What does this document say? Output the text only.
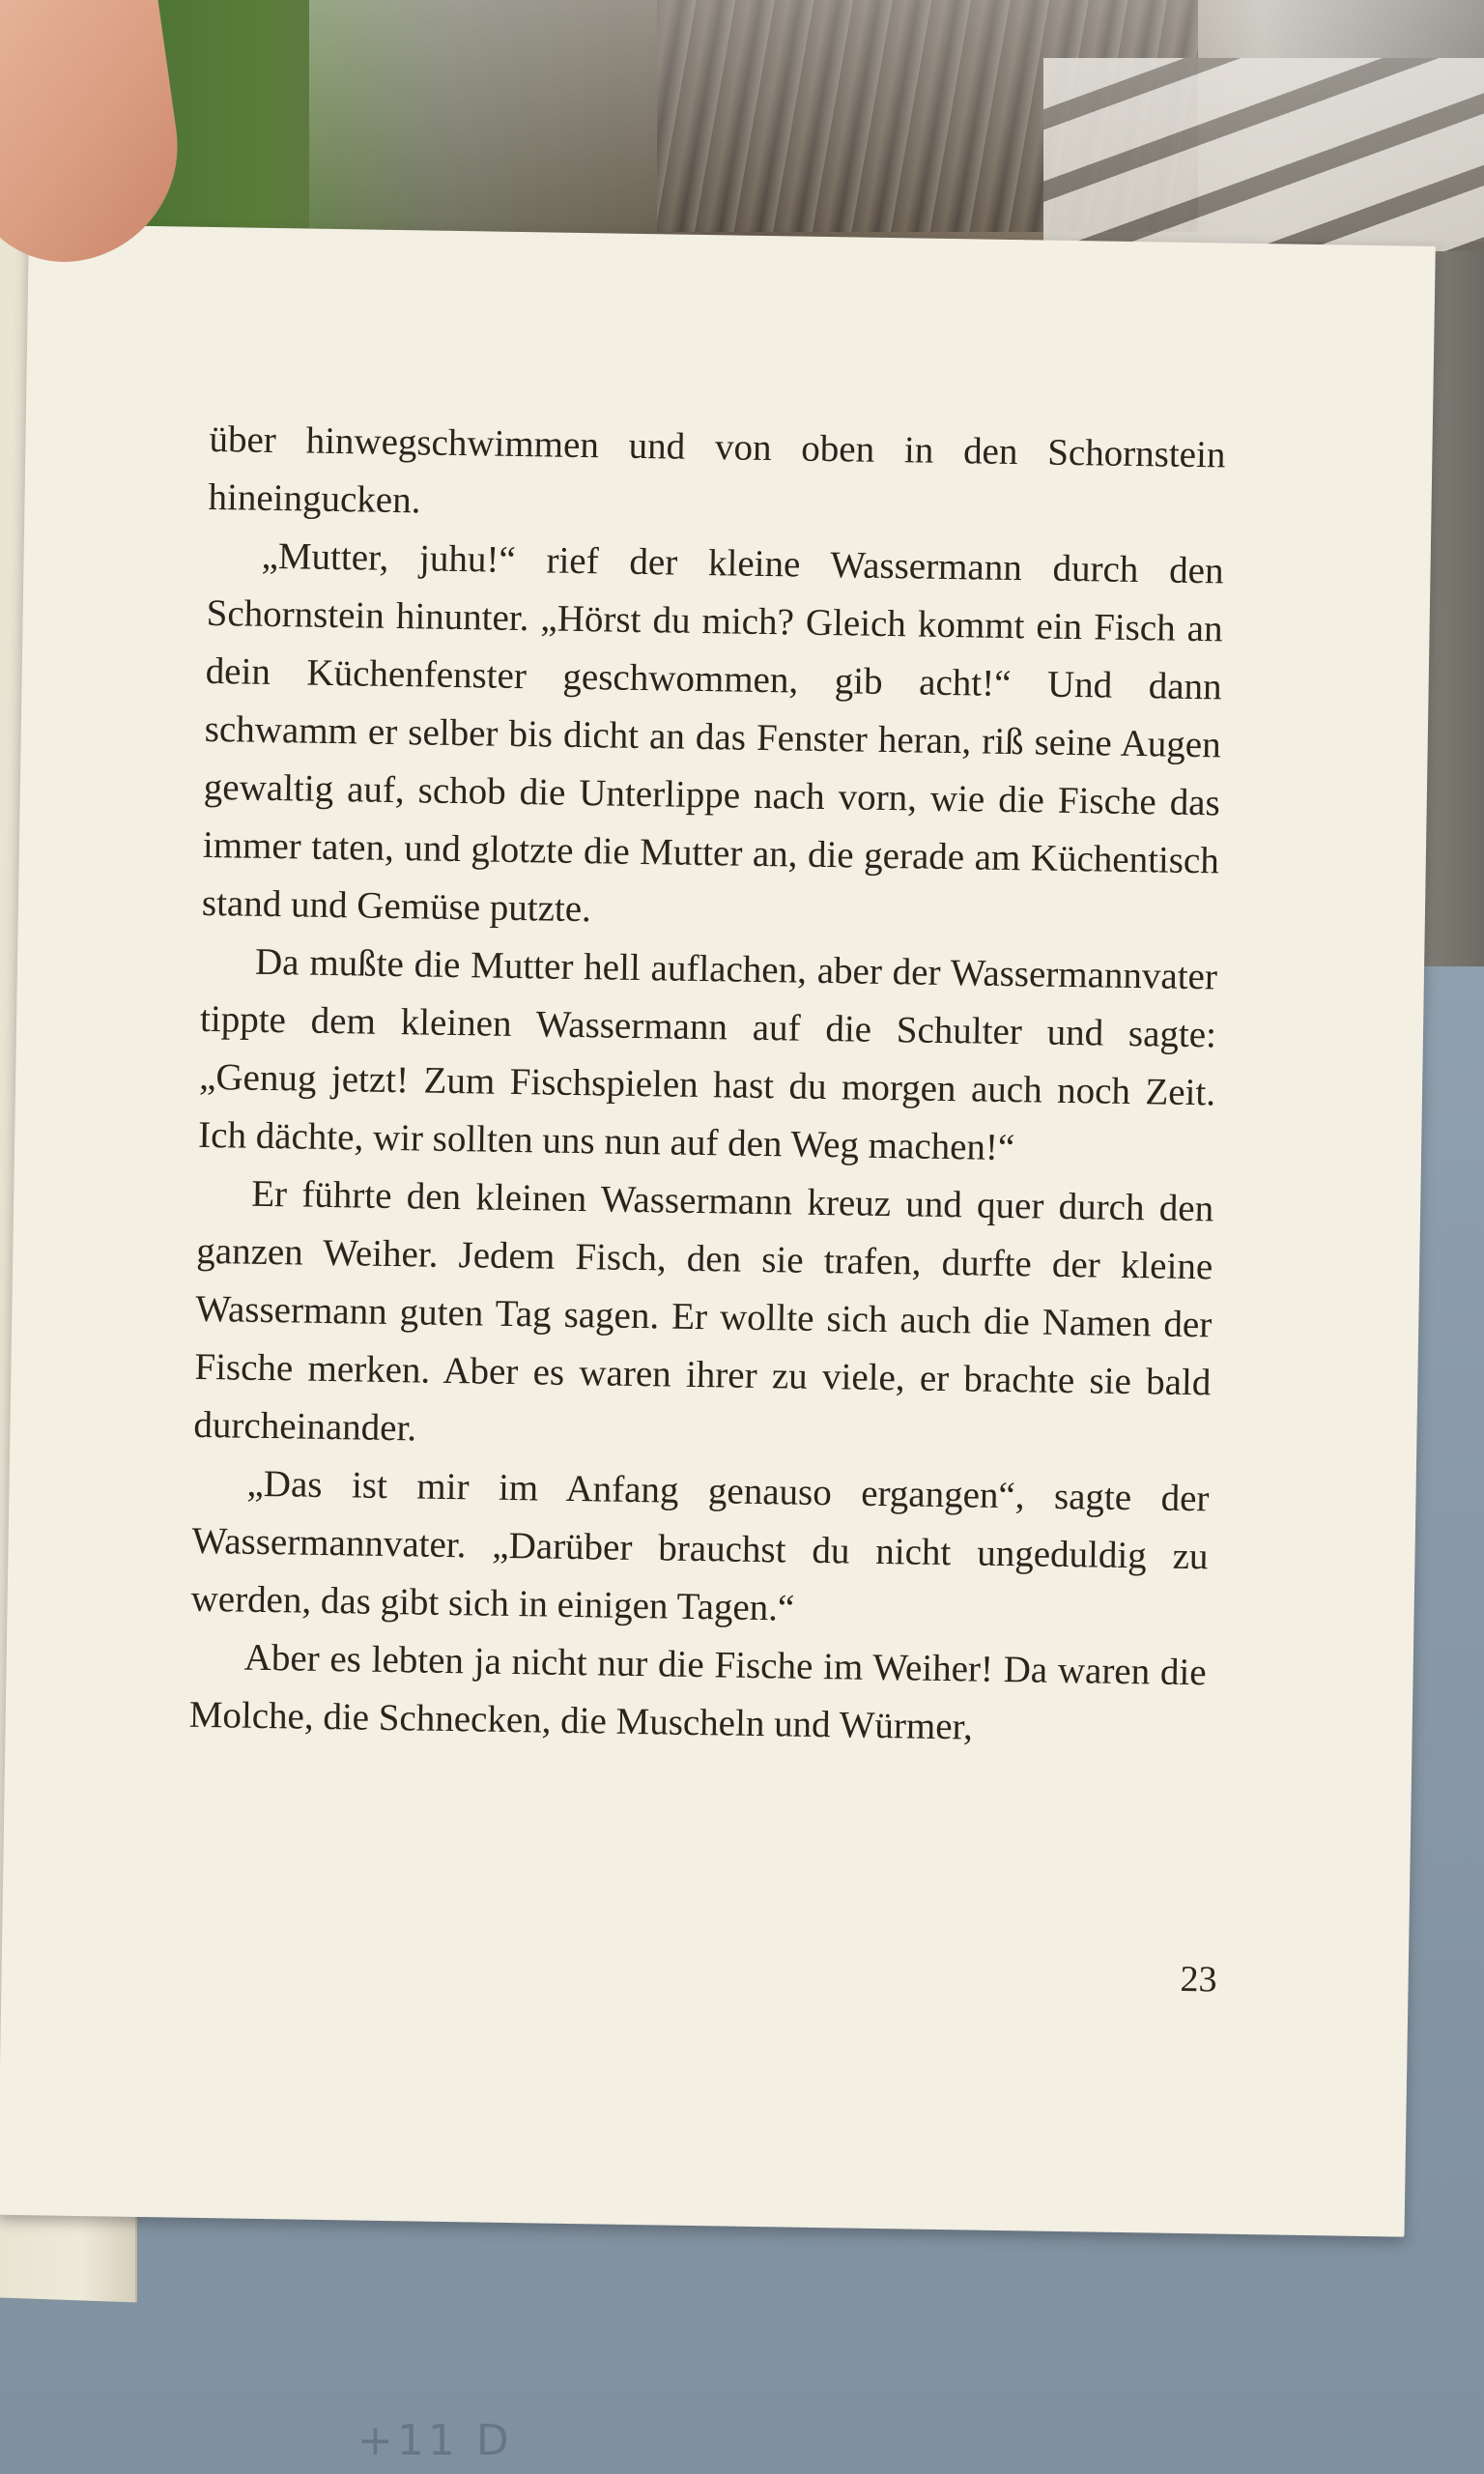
+11 D

über hinwegschwimmen und von oben in den Schornstein hineingucken.

„Mutter, juhu!“ rief der kleine Wassermann durch den Schornstein hinunter. „Hörst du mich? Gleich kommt ein Fisch an dein Küchenfenster geschwommen, gib acht!“ Und dann schwamm er selber bis dicht an das Fenster heran, riß seine Augen gewaltig auf, schob die Unterlippe nach vorn, wie die Fische das immer taten, und glotzte die Mutter an, die gerade am Küchentisch stand und Gemüse putzte.

Da mußte die Mutter hell auflachen, aber der Wassermannvater tippte dem kleinen Wassermann auf die Schulter und sagte: „Genug jetzt! Zum Fischspielen hast du morgen auch noch Zeit. Ich dächte, wir sollten uns nun auf den Weg machen!“

Er führte den kleinen Wassermann kreuz und quer durch den ganzen Weiher. Jedem Fisch, den sie trafen, durfte der kleine Wassermann guten Tag sagen. Er wollte sich auch die Namen der Fische merken. Aber es waren ihrer zu viele, er brachte sie bald durcheinander.

„Das ist mir im Anfang genauso ergangen“, sagte der Wassermannvater. „Darüber brauchst du nicht ungeduldig zu werden, das gibt sich in einigen Tagen.“

Aber es lebten ja nicht nur die Fische im Weiher! Da waren die Molche, die Schnecken, die Muscheln und Würmer,

23
